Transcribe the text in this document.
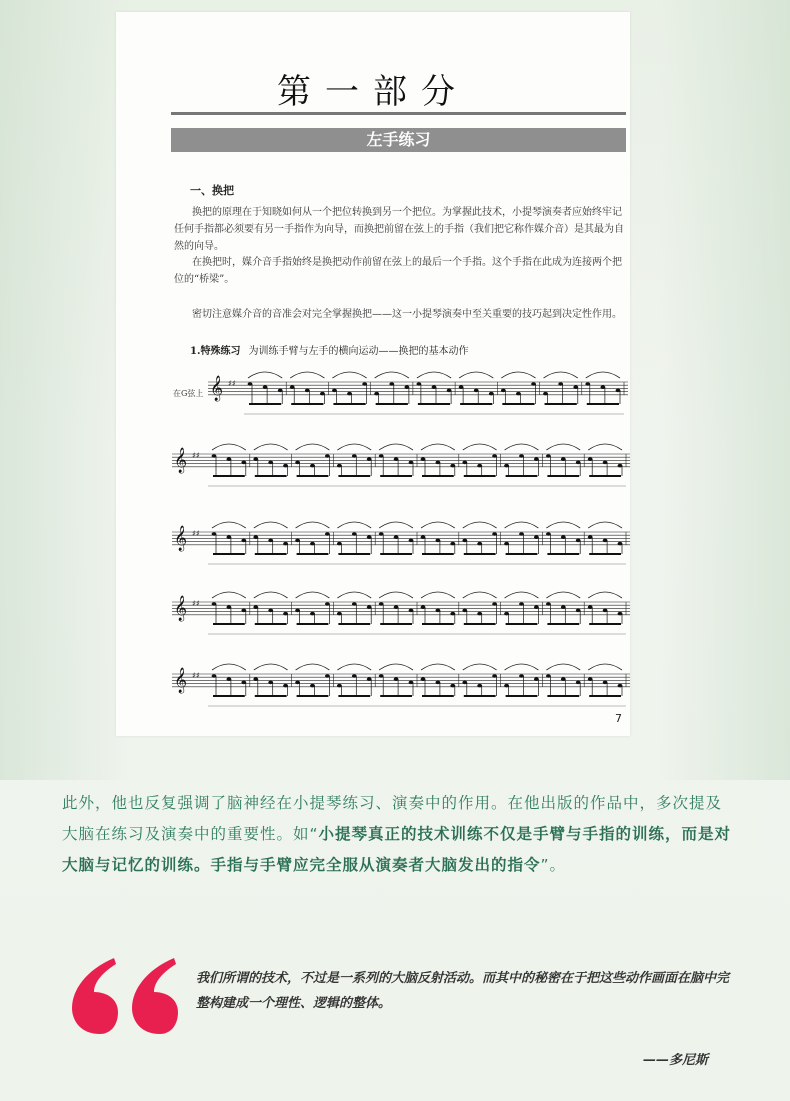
第一部分
左手练习
一、换把

换把的原理在于知晓如何从一个把位转换到另一个把位。为掌握此技术，小提琴演奏者应始终牢记任何手指都必须要有另一手指作为向导，而换把前留在弦上的手指（我们把它称作媒介音）是其最为自然的向导。

在换把时，媒介音手指始终是换把动作前留在弦上的最后一个手指。这个手指在此成为连接两个把位的“桥梁”。

密切注意媒介音的音准会对完全掌握换把——这一小提琴演奏中至关重要的技巧起到决定性作用。

1.特殊练习 为训练手臂与左手的横向运动——换把的基本动作
在G弦上 𝄞 ♯♯
𝄞 ♯♯
𝄞 ♯♯
𝄞 ♯♯
𝄞 ♯♯
7

此外，他也反复强调了脑神经在小提琴练习、演奏中的作用。在他出版的作品中，多次提及大脑在练习及演奏中的重要性。如“小提琴真正的技术训练不仅是手臂与手指的训练，而是对大脑与记忆的训练。手指与手臂应完全服从演奏者大脑发出的指令”。

我们所谓的技术，不过是一系列的大脑反射活动。而其中的秘密在于把这些动作画面在脑中完整构建成一个理性、逻辑的整体。

——多尼斯
